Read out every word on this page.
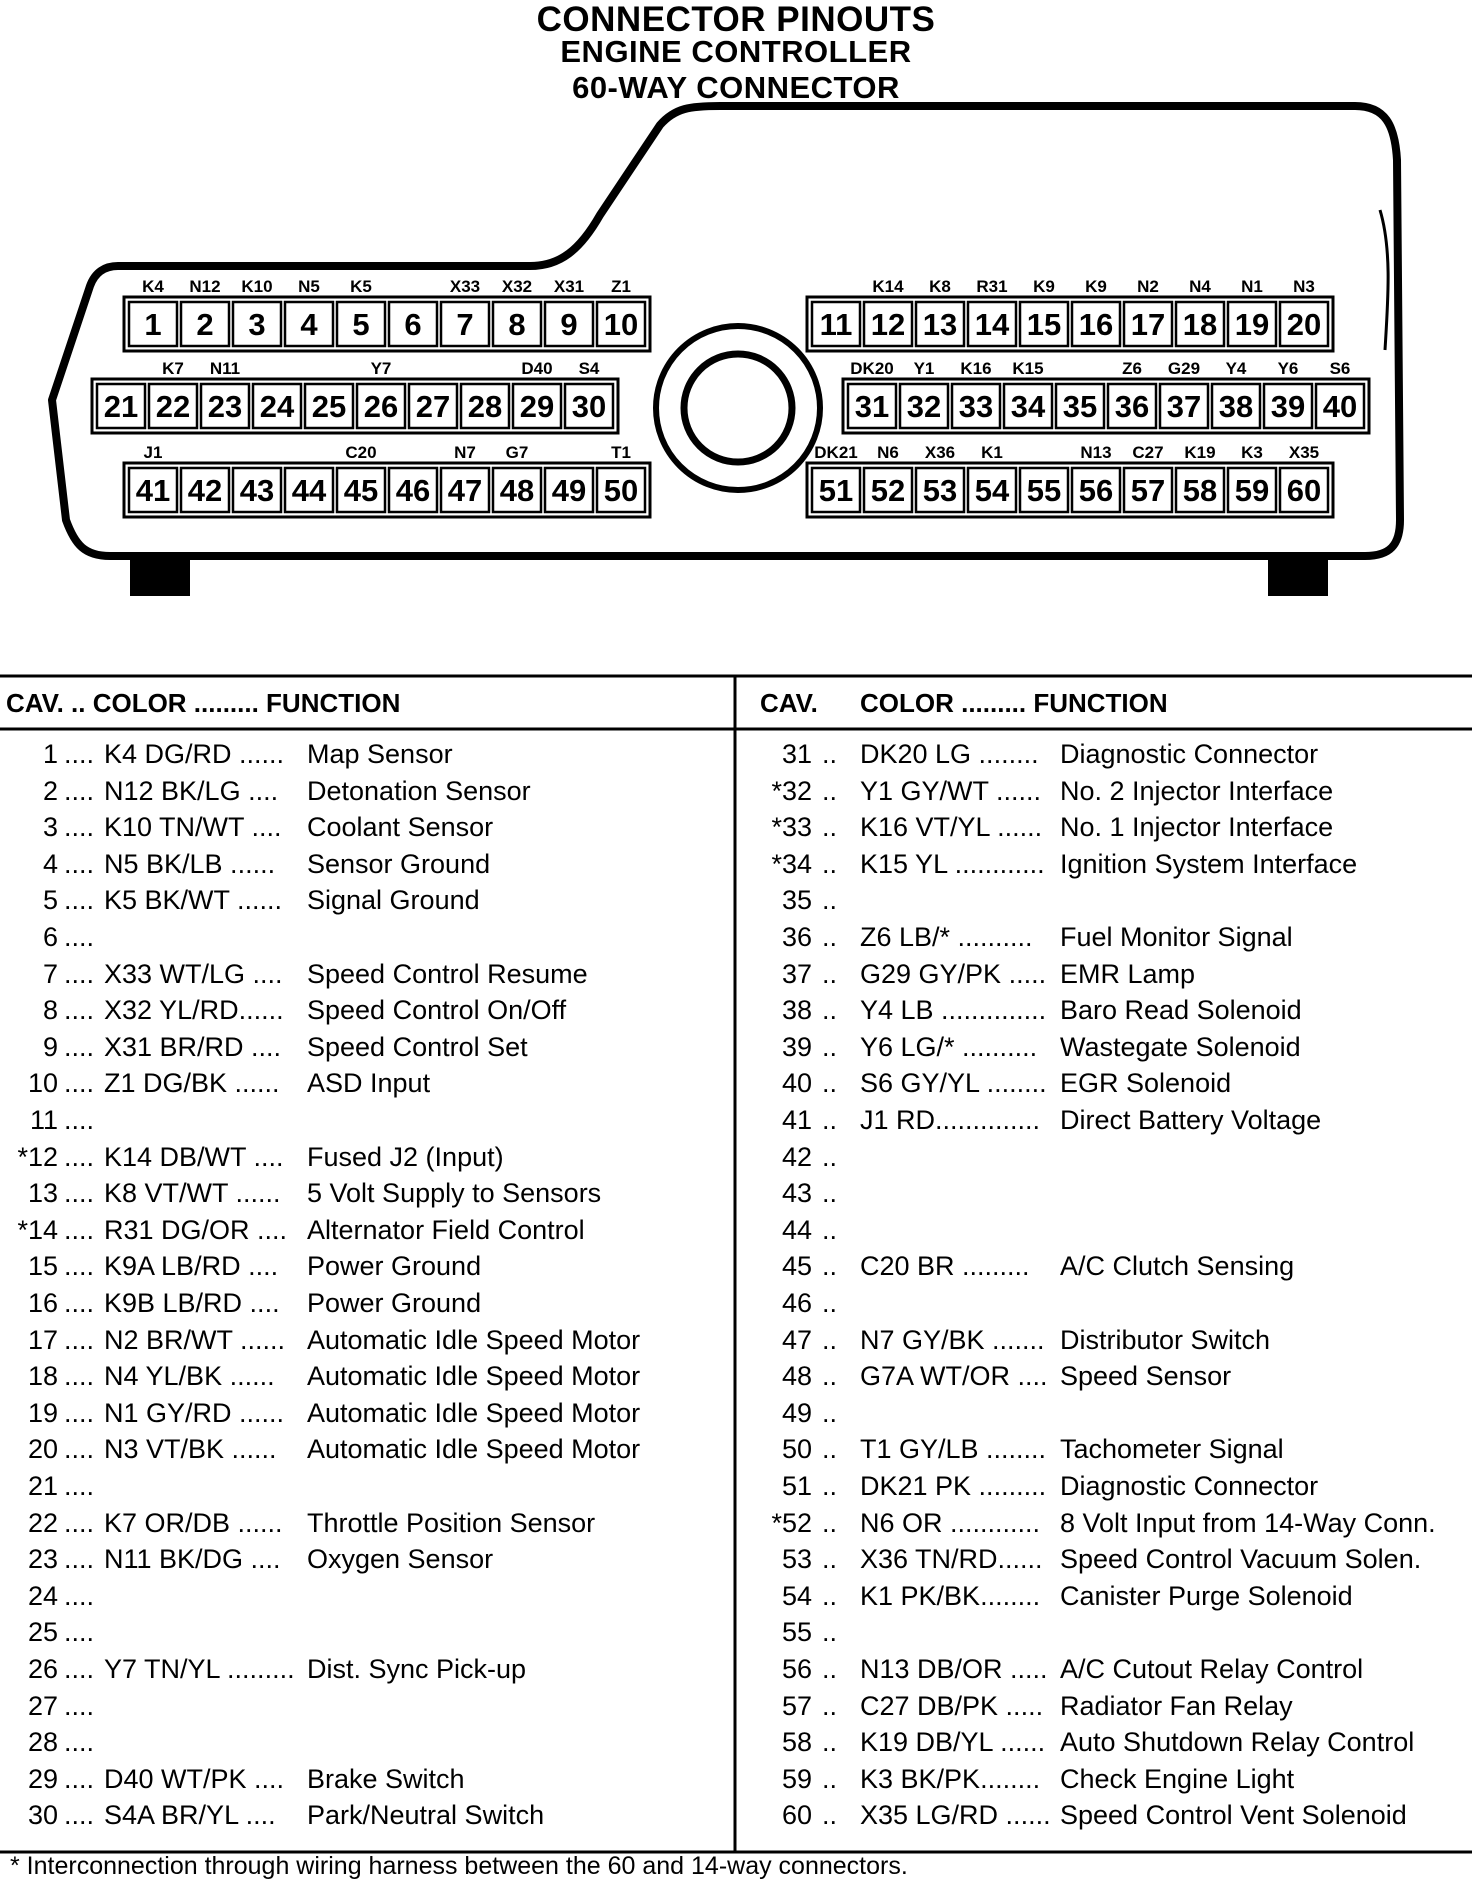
CONNECTOR PINOUTS
ENGINE CONTROLLER
60-WAY CONNECTOR
1
K4
2
N12
3
K10
4
N5
5
K5
6 7
X33
8
X32
9
X31
10
Z1
21 22
K7
23
N11
24 25 26
Y7
27 28 29
D40
30
S4
41
J1
42 43 44 45
C20
46 47
N7
48
G7
49 50
T1
11 12
K14
13
K8
14
R31
15
K9
16
K9
17
N2
18
N4
19
N1
20
N3
31
DK20
32
Y1
33
K16
34
K15
35 36
Z6
37
G29
38
Y4
39
Y6
40
S6
51
DK21
52
N6
53
X36
54
K1
55 56
N13
57
C27
58
K19
59
K3
60
X35
CAV. .. COLOR ......... FUNCTION	CAV. COLOR ......... FUNCTION
1 .... K4 DG/RD ...... Map Sensor
2 .... N12 BK/LG .... Detonation Sensor
3 .... K10 TN/WT .... Coolant Sensor
4 .... N5 BK/LB ...... Sensor Ground
5 .... K5 BK/WT ...... Signal Ground
6 ....
7 .... X33 WT/LG .... Speed Control Resume
8 .... X32 YL/RD...... Speed Control On/Off
9 .... X31 BR/RD .... Speed Control Set
10 .... Z1 DG/BK ...... ASD Input
11 ....
*12 .... K14 DB/WT .... Fused J2 (Input)
13 .... K8 VT/WT ...... 5 Volt Supply to Sensors
*14 .... R31 DG/OR .... Alternator Field Control
15 .... K9A LB/RD .... Power Ground
16 .... K9B LB/RD .... Power Ground
17 .... N2 BR/WT ...... Automatic Idle Speed Motor
18 .... N4 YL/BK ...... Automatic Idle Speed Motor
19 .... N1 GY/RD ...... Automatic Idle Speed Motor
20 .... N3 VT/BK ...... Automatic Idle Speed Motor
21 ....
22 .... K7 OR/DB ...... Throttle Position Sensor
23 .... N11 BK/DG .... Oxygen Sensor
24 ....
25 ....
26 .... Y7 TN/YL ......... Dist. Sync Pick-up
27 ....
28 ....
29 .... D40 WT/PK .... Brake Switch
30 .... S4A BR/YL .... Park/Neutral Switch
31 .. DK20 LG ........ Diagnostic Connector
*32 .. Y1 GY/WT ...... No. 2 Injector Interface
*33 .. K16 VT/YL ...... No. 1 Injector Interface
*34 .. K15 YL ............ Ignition System Interface
35 ..
36 .. Z6 LB/* .......... Fuel Monitor Signal
37 .. G29 GY/PK ..... EMR Lamp
38 .. Y4 LB .............. Baro Read Solenoid
39 .. Y6 LG/* .......... Wastegate Solenoid
40 .. S6 GY/YL ........ EGR Solenoid
41 .. J1 RD.............. Direct Battery Voltage
42 ..
43 ..
44 ..
45 .. C20 BR ......... A/C Clutch Sensing
46 ..
47 .. N7 GY/BK ....... Distributor Switch
48 .. G7A WT/OR .... Speed Sensor
49 ..
50 .. T1 GY/LB ........ Tachometer Signal
51 .. DK21 PK ......... Diagnostic Connector
*52 .. N6 OR ............ 8 Volt Input from 14-Way Conn.
53 .. X36 TN/RD...... Speed Control Vacuum Solen.
54 .. K1 PK/BK........ Canister Purge Solenoid
55 ..
56 .. N13 DB/OR ..... A/C Cutout Relay Control
57 .. C27 DB/PK ..... Radiator Fan Relay
58 .. K19 DB/YL ...... Auto Shutdown Relay Control
59 .. K3 BK/PK........ Check Engine Light
60 .. X35 LG/RD ...... Speed Control Vent Solenoid
* Interconnection through wiring harness between the 60 and 14-way connectors.
